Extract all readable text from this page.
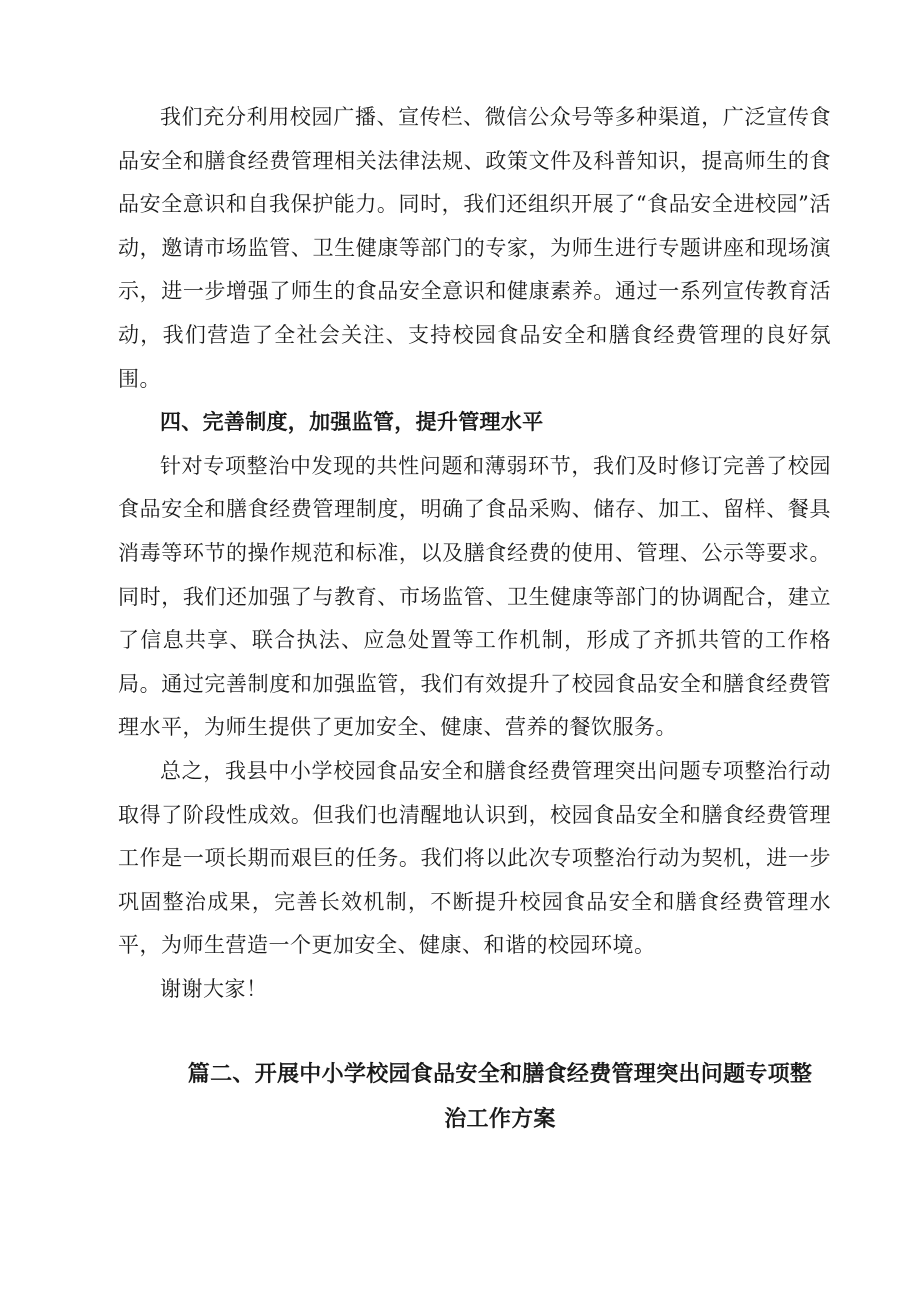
我们充分利用校园广播、宣传栏、微信公众号等多种渠道，广泛宣传食品安全和膳食经费管理相关法律法规、政策文件及科普知识，提高师生的食品安全意识和自我保护能力。同时，我们还组织开展了“食品安全进校园”活动，邀请市场监管、卫生健康等部门的专家，为师生进行专题讲座和现场演示，进一步增强了师生的食品安全意识和健康素养。通过一系列宣传教育活动，我们营造了全社会关注、支持校园食品安全和膳食经费管理的良好氛围。

四、完善制度，加强监管，提升管理水平

针对专项整治中发现的共性问题和薄弱环节，我们及时修订完善了校园食品安全和膳食经费管理制度，明确了食品采购、储存、加工、留样、餐具消毒等环节的操作规范和标准，以及膳食经费的使用、管理、公示等要求。同时，我们还加强了与教育、市场监管、卫生健康等部门的协调配合，建立了信息共享、联合执法、应急处置等工作机制，形成了齐抓共管的工作格局。通过完善制度和加强监管，我们有效提升了校园食品安全和膳食经费管理水平，为师生提供了更加安全、健康、营养的餐饮服务。

总之，我县中小学校园食品安全和膳食经费管理突出问题专项整治行动取得了阶段性成效。但我们也清醒地认识到，校园食品安全和膳食经费管理工作是一项长期而艰巨的任务。我们将以此次专项整治行动为契机，进一步巩固整治成果，完善长效机制，不断提升校园食品安全和膳食经费管理水平，为师生营造一个更加安全、健康、和谐的校园环境。

谢谢大家！

篇二、开展中小学校园食品安全和膳食经费管理突出问题专项整
治工作方案
